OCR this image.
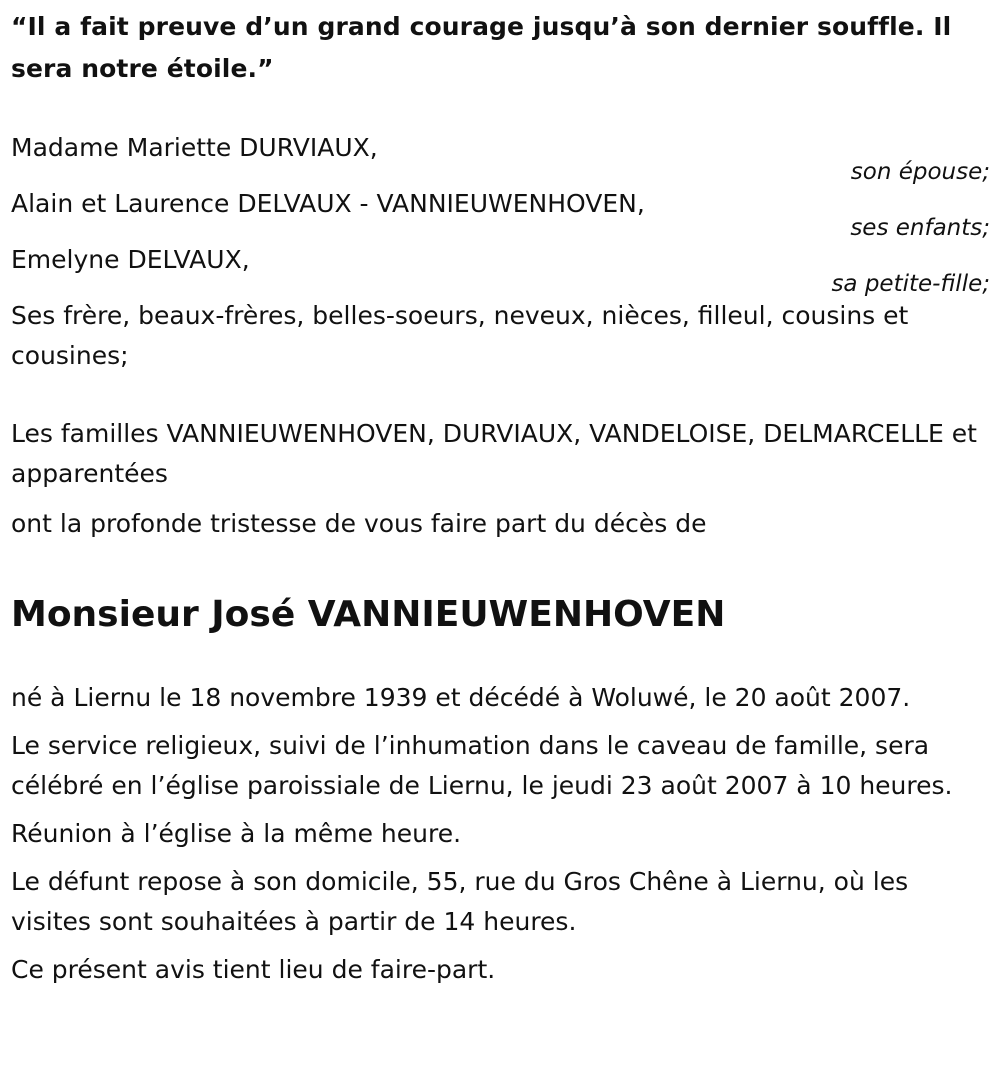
“Il a fait preuve d’un grand courage jusqu’à son dernier souffle. Il sera notre étoile.”

Madame Mariette DURVIAUX,

son épouse;

Alain et Laurence DELVAUX - VANNIEUWENHOVEN,

ses enfants;

Emelyne DELVAUX,

sa petite-fille;

Ses frère, beaux-frères, belles-soeurs, neveux, nièces, filleul, cousins et cousines;

Les familles VANNIEUWENHOVEN, DURVIAUX, VANDELOISE, DELMARCELLE et apparentées

ont la profonde tristesse de vous faire part du décès de

Monsieur José VANNIEUWENHOVEN

né à Liernu le 18 novembre 1939 et décédé à Woluwé, le 20 août 2007.

Le service religieux, suivi de l’inhumation dans le caveau de famille, sera célébré en l’église paroissiale de Liernu, le jeudi 23 août 2007 à 10 heures.

Réunion à l’église à la même heure.

Le défunt repose à son domicile, 55, rue du Gros Chêne à Liernu, où les visites sont souhaitées à partir de 14 heures.

Ce présent avis tient lieu de faire-part.
